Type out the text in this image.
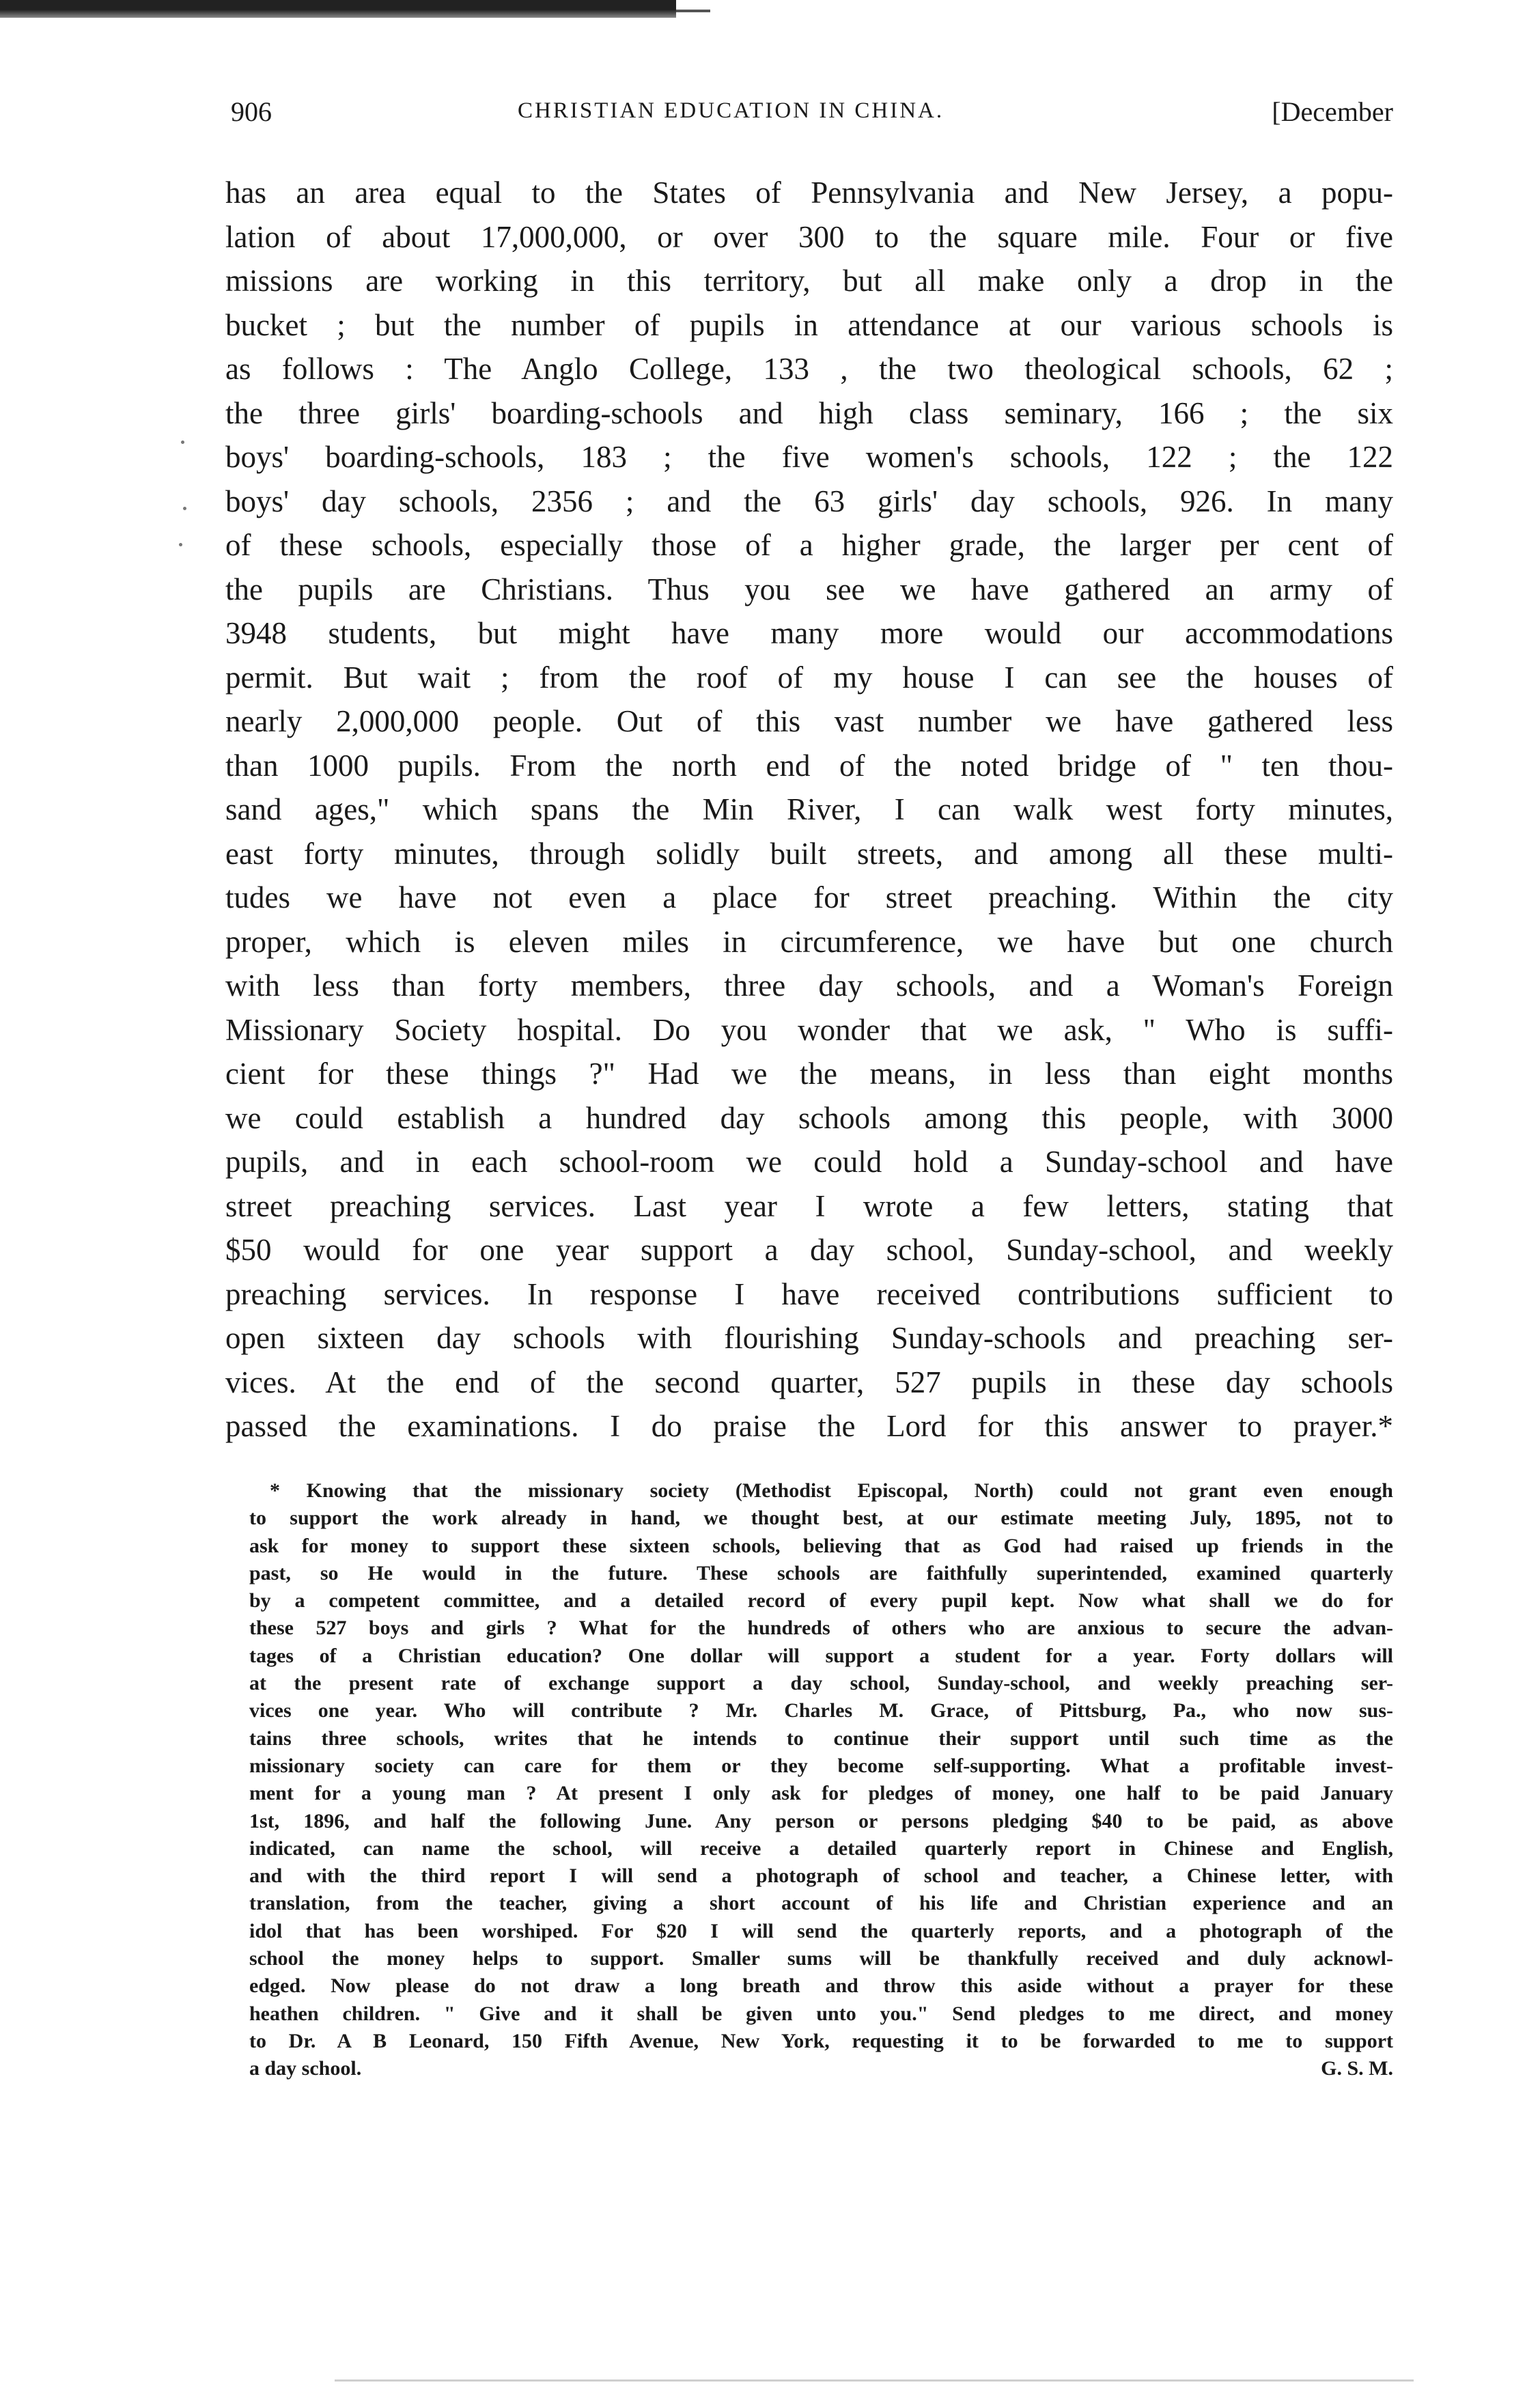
906	CHRISTIAN EDUCATION IN CHINA.	[December
has an area equal to the States of Pennsylvania and New Jersey, a popu-
lation of about 17,000,000, or over 300 to the square mile. Four or five
missions are working in this territory, but all make only a drop in the
bucket ; but the number of pupils in attendance at our various schools is
as follows : The Anglo College, 133 , the two theological schools, 62 ;
the three girls' boarding-schools and high class seminary, 166 ; the six
boys' boarding-schools, 183 ; the five women's schools, 122 ; the 122
boys' day schools, 2356 ; and the 63 girls' day schools, 926. In many
of these schools, especially those of a higher grade, the larger per cent of
the pupils are Christians. Thus you see we have gathered an army of
3948 students, but might have many more would our accommodations
permit. But wait ; from the roof of my house I can see the houses of
nearly 2,000,000 people. Out of this vast number we have gathered less
than 1000 pupils. From the north end of the noted bridge of " ten thou-
sand ages," which spans the Min River, I can walk west forty minutes,
east forty minutes, through solidly built streets, and among all these multi-
tudes we have not even a place for street preaching. Within the city
proper, which is eleven miles in circumference, we have but one church
with less than forty members, three day schools, and a Woman's Foreign
Missionary Society hospital. Do you wonder that we ask, " Who is suffi-
cient for these things ?" Had we the means, in less than eight months
we could establish a hundred day schools among this people, with 3000
pupils, and in each school-room we could hold a Sunday-school and have
street preaching services. Last year I wrote a few letters, stating that
$50 would for one year support a day school, Sunday-school, and weekly
preaching services. In response I have received contributions sufficient to
open sixteen day schools with flourishing Sunday-schools and preaching ser-
vices. At the end of the second quarter, 527 pupils in these day schools
passed the examinations. I do praise the Lord for this answer to prayer.*
* Knowing that the missionary society (Methodist Episcopal, North) could not grant even enough
to support the work already in hand, we thought best, at our estimate meeting July, 1895, not to
ask for money to support these sixteen schools, believing that as God had raised up friends in the
past, so He would in the future. These schools are faithfully superintended, examined quarterly
by a competent committee, and a detailed record of every pupil kept. Now what shall we do for
these 527 boys and girls ? What for the hundreds of others who are anxious to secure the advan-
tages of a Christian education? One dollar will support a student for a year. Forty dollars will
at the present rate of exchange support a day school, Sunday-school, and weekly preaching ser-
vices one year. Who will contribute ? Mr. Charles M. Grace, of Pittsburg, Pa., who now sus-
tains three schools, writes that he intends to continue their support until such time as the
missionary society can care for them or they become self-supporting. What a profitable invest-
ment for a young man ? At present I only ask for pledges of money, one half to be paid January
1st, 1896, and half the following June. Any person or persons pledging $40 to be paid, as above
indicated, can name the school, will receive a detailed quarterly report in Chinese and English,
and with the third report I will send a photograph of school and teacher, a Chinese letter, with
translation, from the teacher, giving a short account of his life and Christian experience and an
idol that has been worshiped. For $20 I will send the quarterly reports, and a photograph of the
school the money helps to support. Smaller sums will be thankfully received and duly acknowl-
edged. Now please do not draw a long breath and throw this aside without a prayer for these
heathen children. " Give and it shall be given unto you." Send pledges to me direct, and money
to Dr. A B Leonard, 150 Fifth Avenue, New York, requesting it to be forwarded to me to support
a day school.	G. S. M.
